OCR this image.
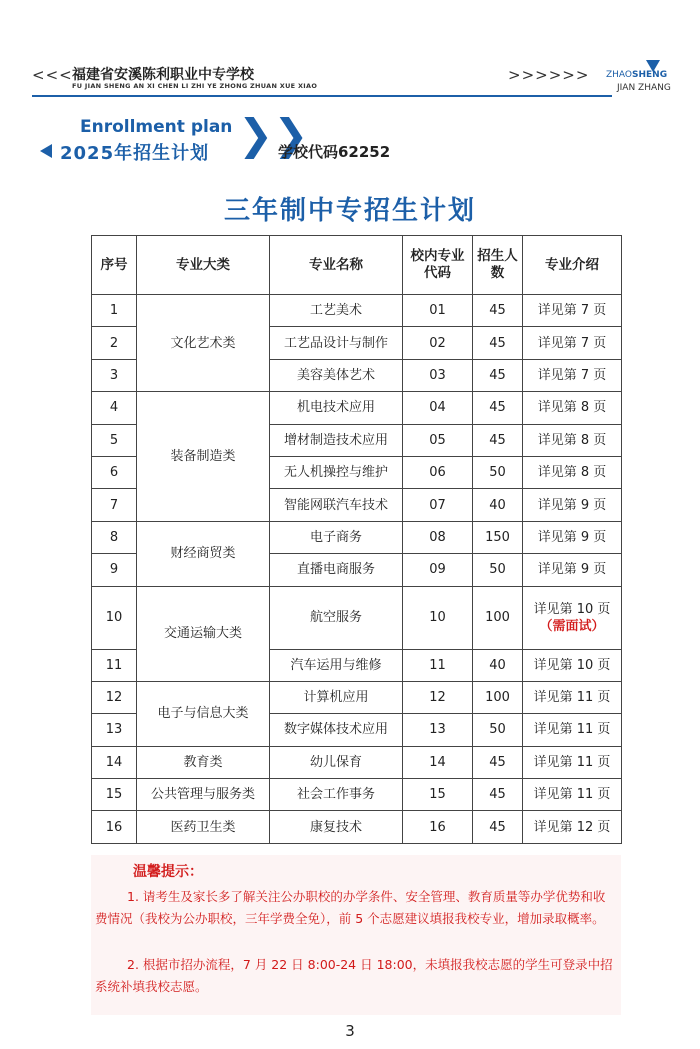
<<< 福建省安溪陈利职业中专学校
FU JIAN SHENG AN XI CHEN LI ZHI YE ZHONG ZHUAN XUE XIAO
>>>>>> ZHAOSHENG
JIAN ZHANG
Enrollment plan
2025年招生计划 ❯❯
学校代码62252
三年制中专招生计划
序号	专业大类	专业名称	校内专业代码	招生人数	专业介绍
1	文化艺术类	工艺美术	01	45	详见第 7 页
2		工艺品设计与制作	02	45	详见第 7 页
3		美容美体艺术	03	45	详见第 7 页
4	装备制造类	机电技术应用	04	45	详见第 8 页
5		增材制造技术应用	05	45	详见第 8 页
6		无人机操控与维护	06	50	详见第 8 页
7		智能网联汽车技术	07	40	详见第 9 页
8	财经商贸类	电子商务	08	150	详见第 9 页
9		直播电商服务	09	50	详见第 9 页
10	交通运输大类	航空服务	10	100	详见第 10 页
（需面试）

11		汽车运用与维修	11	40	详见第 10 页
12	电子与信息大类	计算机应用	12	100	详见第 11 页
13		数字媒体技术应用	13	50	详见第 11 页
14	教育类	幼儿保育	14	45	详见第 11 页
15	公共管理与服务类	社会工作事务	15	45	详见第 11 页
16	医药卫生类	康复技术	16	45	详见第 12 页
温馨提示：
1. 请考生及家长多了解关注公办职校的办学条件、安全管理、教育质量等办学优势和收费情况（我校为公办职校，三年学费全免），前 5 个志愿建议填报我校专业，增加录取概率。
2. 根据市招办流程，7 月 22 日 8:00-24 日 18:00，未填报我校志愿的学生可登录中招系统补填我校志愿。
3
